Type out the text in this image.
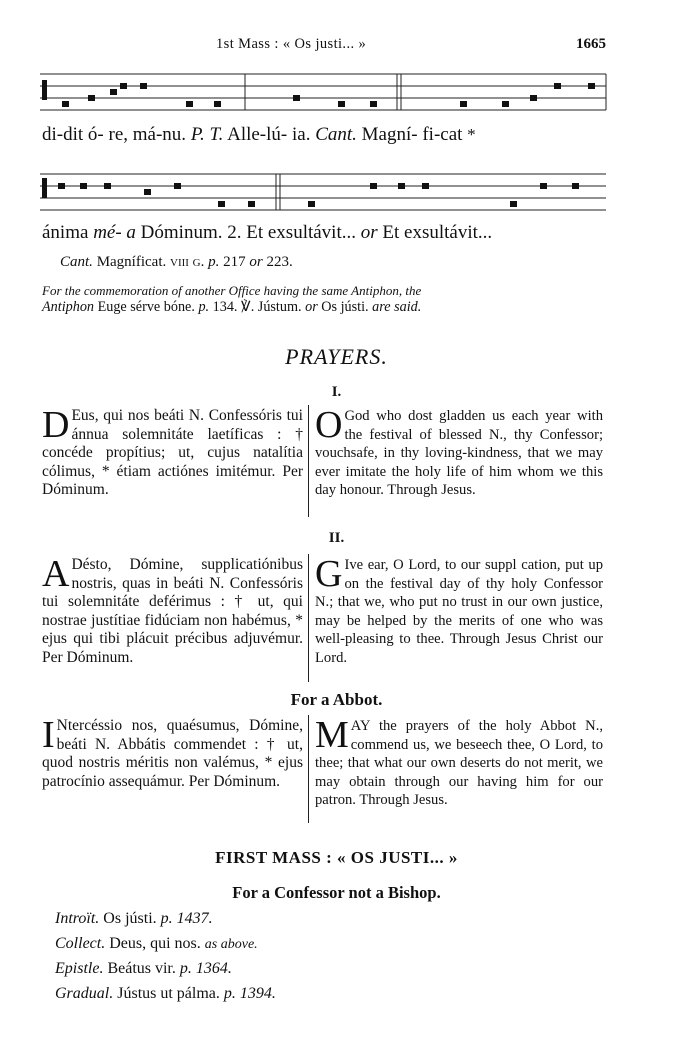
1st Mass : « Os justi... »	1665
di-dit ó- re, má-nu. P. T. Alle-lú- ia. Cant. Magní- fi-cat *
ánima mé- a Dóminum. 2. Et exsultávit... or Et exsultávit...
Cant. Magníficat. viii g. p. 217 or 223.
For the commemoration of another Office having the same Antiphon, the
Antiphon Euge sérve bóne. p. 134. ℣. Jústum. or Os jústi. are said.
PRAYERS.
I.
D Eus, qui nos beáti N. Confessóris tui ánnua solemnitáte laetíficas : † concéde propítius; ut, cujus natalítia cólimus, * étiam actiónes imitémur. Per Dóminum.
O God who dost gladden us each year with the festival of blessed N., thy Confessor; vouchsafe, in thy loving-kindness, that we may ever imitate the holy life of him whom we this day honour. Through Jesus.
II.
A Désto, Dómine, supplicatiónibus nostris, quas in beáti N. Confessóris tui solemnitáte deférimus : † ut, qui nostrae justítiae fidúciam non habémus, * ejus qui tibi plácuit précibus adjuvémur. Per Dóminum.
G Ive ear, O Lord, to our suppl cation, put up on the festival day of thy holy Confessor N.; that we, who put no trust in our own justice, may be helped by the merits of one who was well-pleasing to thee. Through Jesus Christ our Lord.
For a Abbot.
I Ntercéssio nos, quaésumus, Dómine, beáti N. Abbátis commendet : † ut, quod nostris méritis non valémus, * ejus patrocínio assequámur. Per Dóminum.
MAY the prayers of the holy Abbot N., commend us, we beseech thee, O Lord, to thee; that what our own deserts do not merit, we may obtain through our having him for our patron. Through Jesus.
FIRST MASS : « OS JUSTI... »
For a Confessor not a Bishop.
Introït. Os jústi. p. 1437.
Collect. Deus, qui nos. as above.
Epistle. Beátus vir. p. 1364.
Gradual. Jústus ut pálma. p. 1394.
